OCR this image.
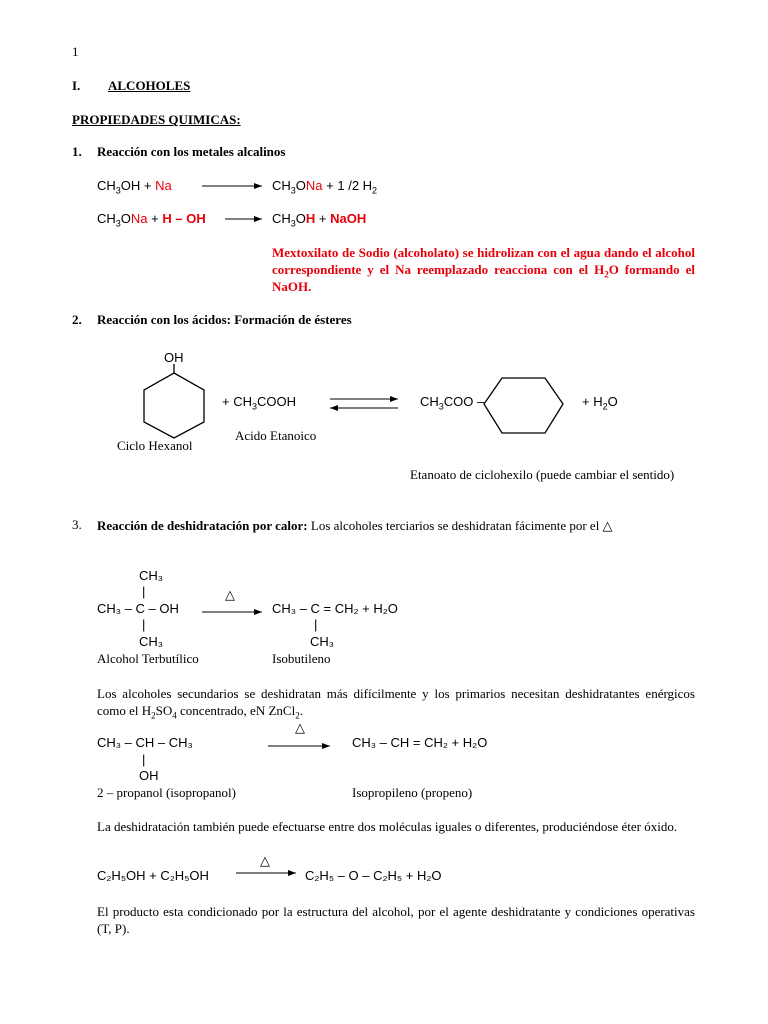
1
I. ALCOHOLES
PROPIEDADES QUIMICAS:
1. Reacción con los metales alcalinos
$CH_3OH + Na$	$CH_3ONa + 1$ /2 $H_2$
$CH_3ONa + H$ – OH	$CH_3OH$ + NaOH
Mextoxilato de Sodio (alcoholato) se hidrolizan con el agua dando el alcohol correspondiente y el Na reemplazado reacciona con el $H_2O$ formando el NaOH.
2. Reacción con los ácidos: Formación de ésteres
OH
+ $CH_3COOH$	$CH_3COO$ –	+ $H_2O$
Ciclo Hexanol
Acido Etanoico
Etanoato de ciclohexilo (puede cambiar el sentido)
3. Reacción de deshidratación por calor: Los alcoholes terciarios se deshidratan fácimente por el △
CH₃
|	△
CH₃ – C – OH	CH₃ – C = CH₂ + H₂O
|	|
CH₃	CH₃
Alcohol Terbutílico	Isobutileno
Los alcoholes secundarios se deshidratan más difícilmente y los primarios necesitan deshidratantes enérgicos como el $H_2SO_4$ concentrado, eN ZnCl$_2$.
△
CH₃ – CH – CH₃	CH₃ – CH = CH₂ + H₂O
|
OH
2 – propanol (isopropanol)	Isopropileno (propeno)
La deshidratación también puede efectuarse entre dos moléculas iguales o diferentes, produciéndose éter óxido.
△
C₂H₅OH + C₂H₅OH	C₂H₅ – O – C₂H₅ + H₂O
El producto esta condicionado por la estructura del alcohol, por el agente deshidratante y condiciones operativas (T, P).
